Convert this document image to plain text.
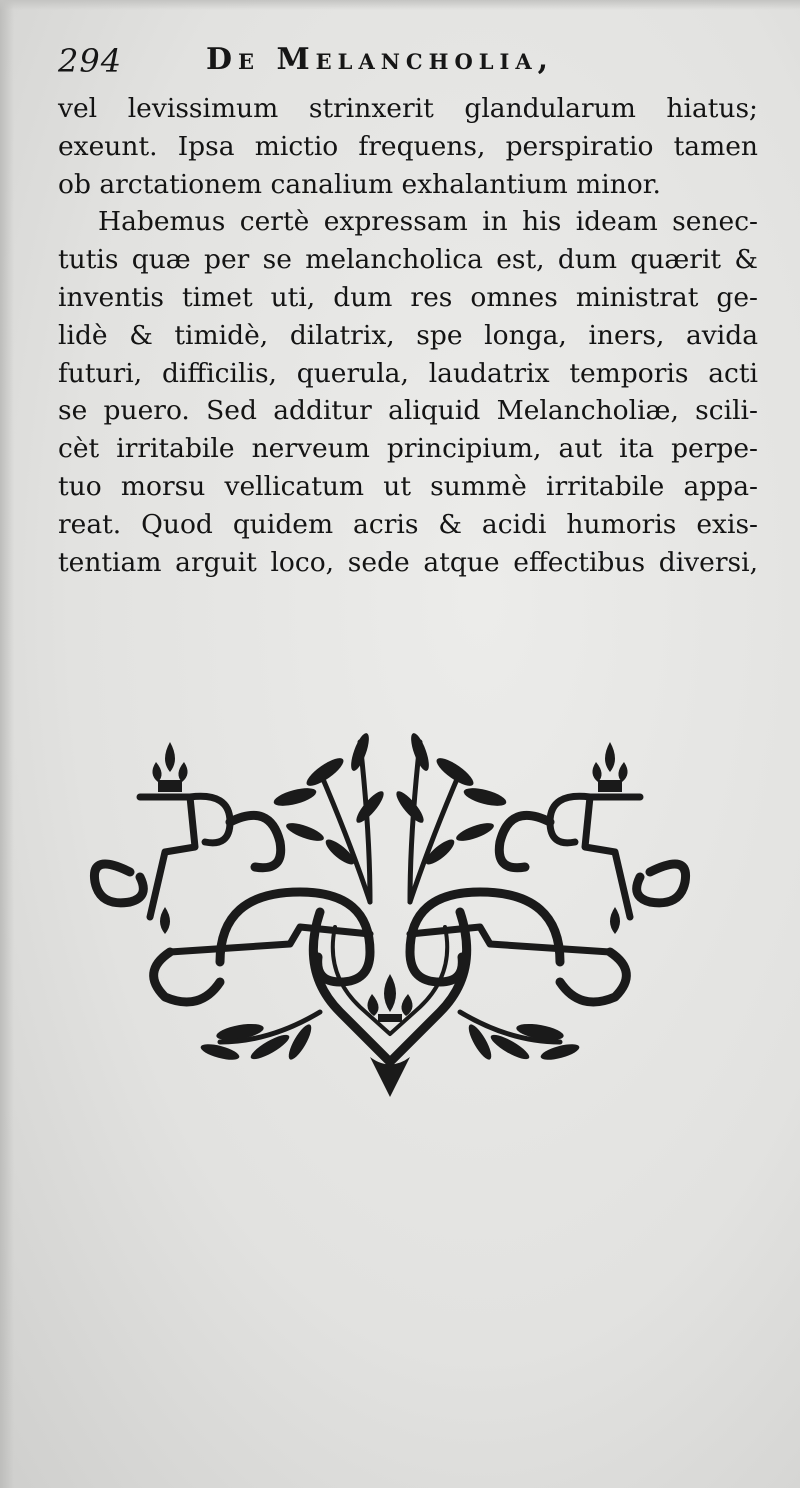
294	De Melancholia,
vel levissimum strinxerit glandularum hiatus;
exeunt. Ipsa mictio frequens, perspiratio tamen
ob arctationem canalium exhalantium minor.
Habemus certè expressam in his ideam senec-
tutis quæ per se melancholica est, dum quærit &
inventis timet uti, dum res omnes ministrat ge-
lidè & timidè, dilatrix, spe longa, iners, avida
futuri, difficilis, querula, laudatrix temporis acti
se puero. Sed additur aliquid Melancholiæ, scili-
cèt irritabile nerveum principium, aut ita perpe-
tuo morsu vellicatum ut summè irritabile appa-
reat. Quod quidem acris & acidi humoris exis-
tentiam arguit loco, sede atque effectibus diversi,
